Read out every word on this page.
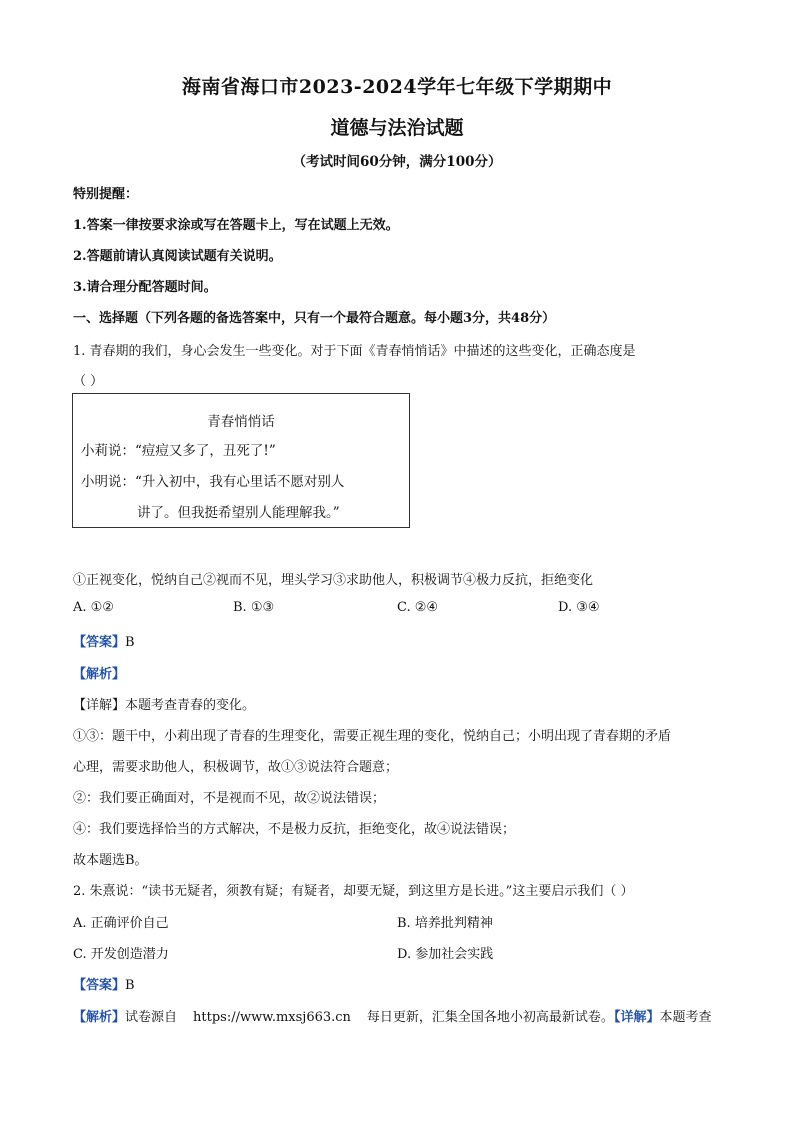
海南省海口市2023-2024学年七年级下学期期中
道德与法治试题
（考试时间60分钟，满分100分）
特别提醒：
1.答案一律按要求涂或写在答题卡上，写在试题上无效。
2.答题前请认真阅读试题有关说明。
3.请合理分配答题时间。
一、选择题（下列各题的备选答案中，只有一个最符合题意。每小题3分，共48分）
1. 青春期的我们，身心会发生一些变化。对于下面《青春悄悄话》中描述的这些变化，正确态度是
（ ）
青春悄悄话
小莉说：“痘痘又多了，丑死了!”
小明说：“升入初中，我有心里话不愿对别人
讲了。但我挺希望别人能理解我。”
①正视变化，悦纳自己②视而不见，埋头学习③求助他人，积极调节④极力反抗，拒绝变化
A. ①②	B. ①③	C. ②④	D. ③④
【答案】B
【解析】
【详解】本题考查青春的变化。
①③：题干中，小莉出现了青春的生理变化，需要正视生理的变化，悦纳自己；小明出现了青春期的矛盾
心理，需要求助他人，积极调节，故①③说法符合题意；
②：我们要正确面对，不是视而不见，故②说法错误；
④：我们要选择恰当的方式解决，不是极力反抗，拒绝变化，故④说法错误；
故本题选B。
2. 朱熹说：“读书无疑者，须教有疑；有疑者，却要无疑，到这里方是长进。”这主要启示我们（ ）
A. 正确评价自己	B. 培养批判精神
C. 开发创造潜力	D. 参加社会实践
【答案】B
【解析】试卷源自 https://www.mxsj663.cn 每日更新，汇集全国各地小初高最新试卷。【详解】本题考查
